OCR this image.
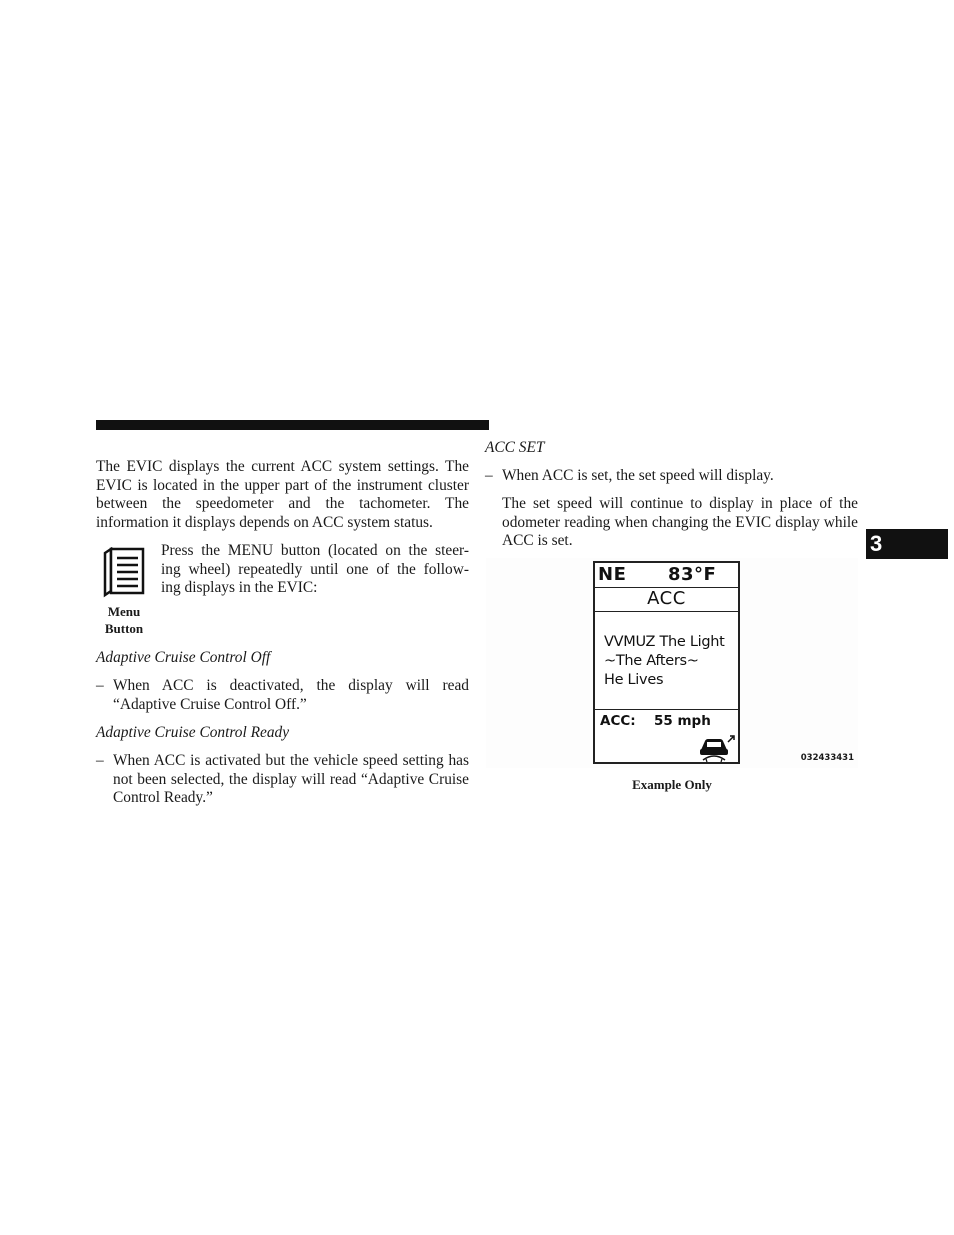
The EVIC displays the current ACC system settings. The EVIC is located in the upper part of the instrument cluster between the speedometer and the tachometer. The information it displays depends on ACC system status.

Menu
Button
Press the MENU button (located on the steer-
ing wheel) repeatedly until one of the follow-
ing displays in the EVIC:

Adaptive Cruise Control Off

– When ACC is deactivated, the display will read “Adaptive Cruise Control Off.”

Adaptive Cruise Control Ready

– When ACC is activated but the vehicle speed setting has not been selected, the display will read “Adaptive Cruise Control Ready.”

ACC SET

– When ACC is set, the set speed will display.

The set speed will continue to display in place of the odometer reading when changing the EVIC display while ACC is set.

NE 83°F
ACC
VVMUZ The Light
~The Afters~
He Lives
ACC: 55 mph
032433431
Example Only
3
